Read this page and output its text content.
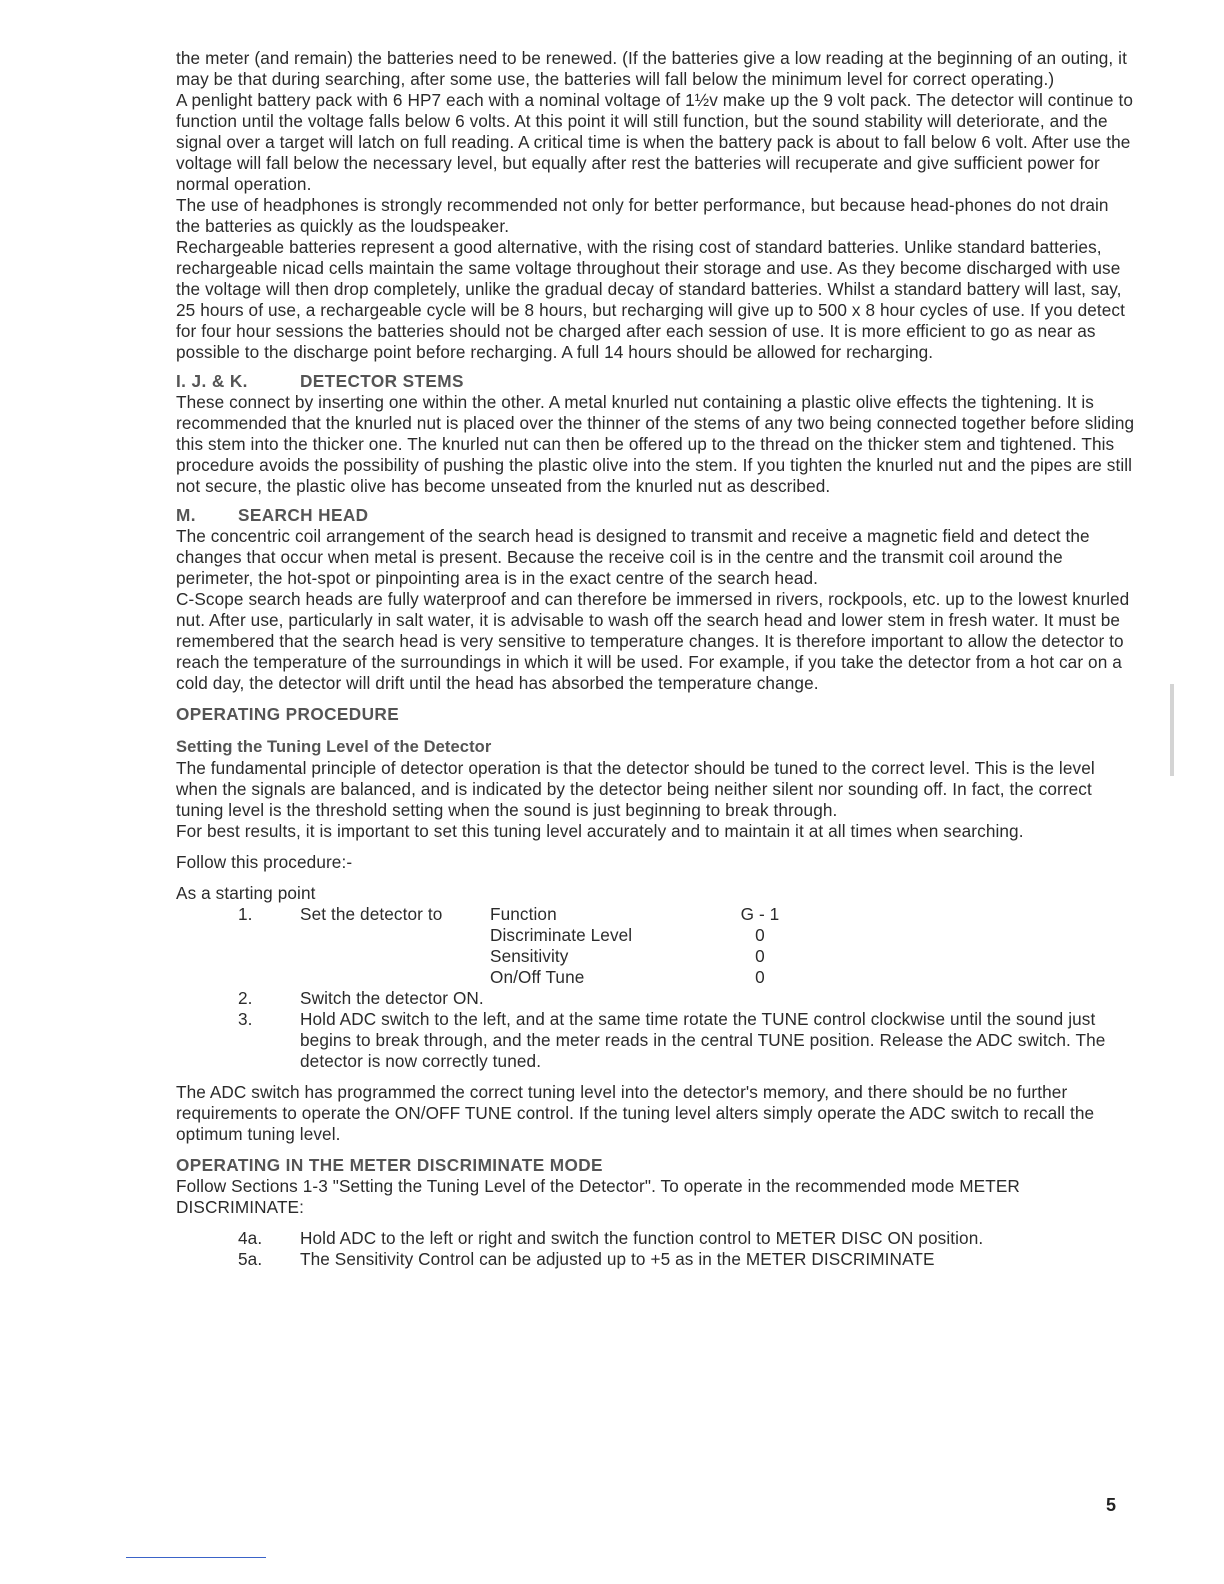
the meter (and remain) the batteries need to be renewed. (If the batteries give a low reading at the beginning of an outing, it may be that during searching, after some use, the batteries will fall below the minimum level for correct operating.)

A penlight battery pack with 6 HP7 each with a nominal voltage of 1½v make up the 9 volt pack. The detector will continue to function until the voltage falls below 6 volts. At this point it will still function, but the sound stability will deteriorate, and the signal over a target will latch on full reading. A critical time is when the battery pack is about to fall below 6 volt. After use the voltage will fall below the necessary level, but equally after rest the batteries will recuperate and give sufficient power for normal operation.

The use of headphones is strongly recommended not only for better performance, but because head-phones do not drain the batteries as quickly as the loudspeaker.

Rechargeable batteries represent a good alternative, with the rising cost of standard batteries. Unlike standard batteries, rechargeable nicad cells maintain the same voltage throughout their storage and use. As they become discharged with use the voltage will then drop completely, unlike the gradual decay of standard batteries. Whilst a standard battery will last, say, 25 hours of use, a rechargeable cycle will be 8 hours, but recharging will give up to 500 x 8 hour cycles of use. If you detect for four hour sessions the batteries should not be charged after each session of use. It is more efficient to go as near as possible to the discharge point before recharging. A full 14 hours should be allowed for recharging.

I. J. & K.	DETECTOR STEMS

These connect by inserting one within the other. A metal knurled nut containing a plastic olive effects the tightening. It is recommended that the knurled nut is placed over the thinner of the stems of any two being connected together before sliding this stem into the thicker one. The knurled nut can then be offered up to the thread on the thicker stem and tightened. This procedure avoids the possibility of pushing the plastic olive into the stem. If you tighten the knurled nut and the pipes are still not secure, the plastic olive has become unseated from the knurled nut as described.

M. SEARCH HEAD

The concentric coil arrangement of the search head is designed to transmit and receive a magnetic field and detect the changes that occur when metal is present. Because the receive coil is in the centre and the transmit coil around the perimeter, the hot-spot or pinpointing area is in the exact centre of the search head.

C-Scope search heads are fully waterproof and can therefore be immersed in rivers, rockpools, etc. up to the lowest knurled nut. After use, particularly in salt water, it is advisable to wash off the search head and lower stem in fresh water. It must be remembered that the search head is very sensitive to temperature changes. It is therefore important to allow the detector to reach the temperature of the surroundings in which it will be used. For example, if you take the detector from a hot car on a cold day, the detector will drift until the head has absorbed the temperature change.

OPERATING PROCEDURE
Setting the Tuning Level of the Detector

The fundamental principle of detector operation is that the detector should be tuned to the correct level. This is the level when the signals are balanced, and is indicated by the detector being neither silent nor sounding off. In fact, the correct tuning level is the threshold setting when the sound is just beginning to break through.

For best results, it is important to set this tuning level accurately and to maintain it at all times when searching.

Follow this procedure:-

As a starting point

1.	Set the detector to	Function	G - 1
Discriminate Level	0
Sensitivity	0
On/Off Tune	0
2.	Switch the detector ON.
3.	Hold ADC switch to the left, and at the same time rotate the TUNE control clockwise until the sound just begins to break through, and the meter reads in the central TUNE position. Release the ADC switch. The detector is now correctly tuned.

The ADC switch has programmed the correct tuning level into the detector's memory, and there should be no further requirements to operate the ON/OFF TUNE control. If the tuning level alters simply operate the ADC switch to recall the optimum tuning level.

OPERATING IN THE METER DISCRIMINATE MODE

Follow Sections 1-3 "Setting the Tuning Level of the Detector". To operate in the recommended mode METER DISCRIMINATE:

4a.	Hold ADC to the left or right and switch the function control to METER DISC ON position.
5a.	The Sensitivity Control can be adjusted up to +5 as in the METER DISCRIMINATE
5
